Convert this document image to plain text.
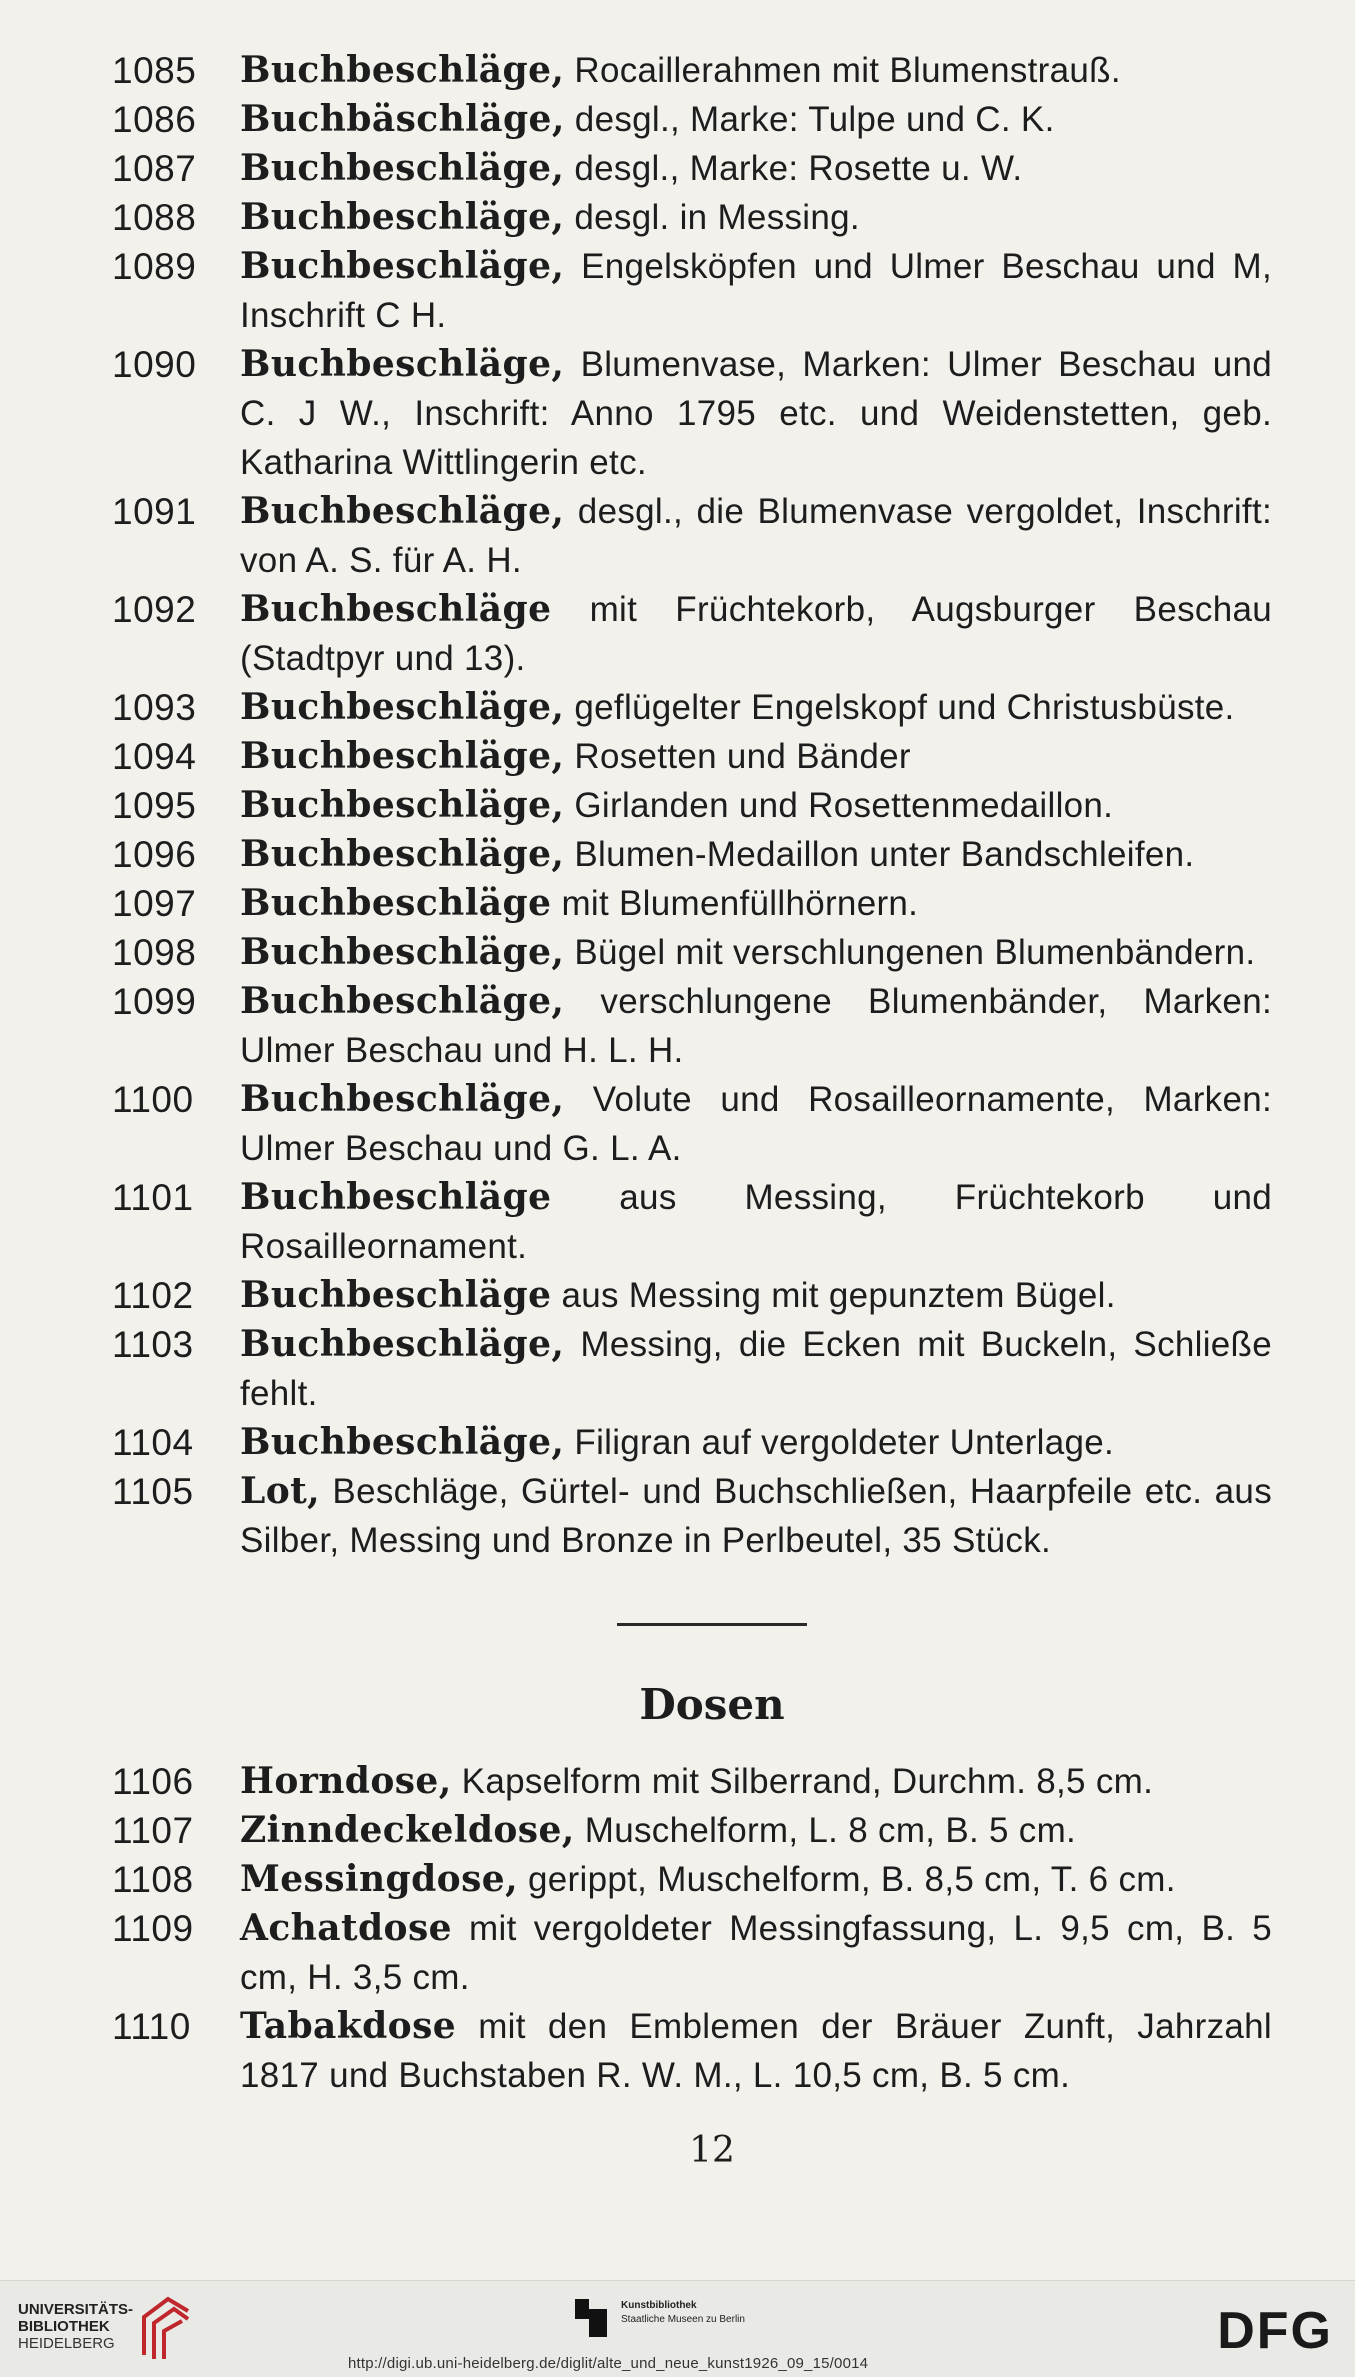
1085	Buchbeschläge, Rocaillerahmen mit Blumenstrauß.
1086	Buchbäschläge, desgl., Marke: Tulpe und C. K.
1087	Buchbeschläge, desgl., Marke: Rosette u. W.
1088	Buchbeschläge, desgl. in Messing.
1089	Buchbeschläge, Engelsköpfen und Ulmer Beschau und M, Inschrift C H.
1090	Buchbeschläge, Blumenvase, Marken: Ulmer Beschau und C. J W., Inschrift: Anno 1795 etc. und Weidenstetten, geb. Katharina Wittlingerin etc.
1091	Buchbeschläge, desgl., die Blumenvase vergoldet, Inschrift: von A. S. für A. H.
1092	Buchbeschläge mit Früchtekorb, Augsburger Beschau (Stadtpyr und 13).
1093	Buchbeschläge, geflügelter Engelskopf und Christusbüste.
1094	Buchbeschläge, Rosetten und Bänder
1095	Buchbeschläge, Girlanden und Rosettenmedaillon.
1096	Buchbeschläge, Blumen-Medaillon unter Bandschleifen.
1097	Buchbeschläge mit Blumenfüllhörnern.
1098	Buchbeschläge, Bügel mit verschlungenen Blumenbändern.
1099	Buchbeschläge, verschlungene Blumenbänder, Marken: Ulmer Beschau und H. L. H.
1100	Buchbeschläge, Volute und Rosailleornamente, Marken: Ulmer Beschau und G. L. A.
1101	Buchbeschläge aus Messing, Früchtekorb und Rosailleornament.
1102	Buchbeschläge aus Messing mit gepunztem Bügel.
1103	Buchbeschläge, Messing, die Ecken mit Buckeln, Schließe fehlt.
1104	Buchbeschläge, Filigran auf vergoldeter Unterlage.
1105	Lot, Beschläge, Gürtel- und Buchschließen, Haarpfeile etc. aus Silber, Messing und Bronze in Perlbeutel, 35 Stück.
Dosen
1106	Horndose, Kapselform mit Silberrand, Durchm. 8,5 cm.
1107	Zinndeckeldose, Muschelform, L. 8 cm, B. 5 cm.
1108	Messingdose, gerippt, Muschelform, B. 8,5 cm, T. 6 cm.
1109	Achatdose mit vergoldeter Messingfassung, L. 9,5 cm, B. 5 cm, H. 3,5 cm.
1110	Tabakdose mit den Emblemen der Bräuer Zunft, Jahrzahl 1817 und Buchstaben R. W. M., L. 10,5 cm, B. 5 cm.
12
UNIVERSITÄTS-
BIBLIOTHEK
HEIDELBERG
Kunstbibliothek
Staatliche Museen zu Berlin	DFG
http://digi.ub.uni-heidelberg.de/diglit/alte_und_neue_kunst1926_09_15/0014
